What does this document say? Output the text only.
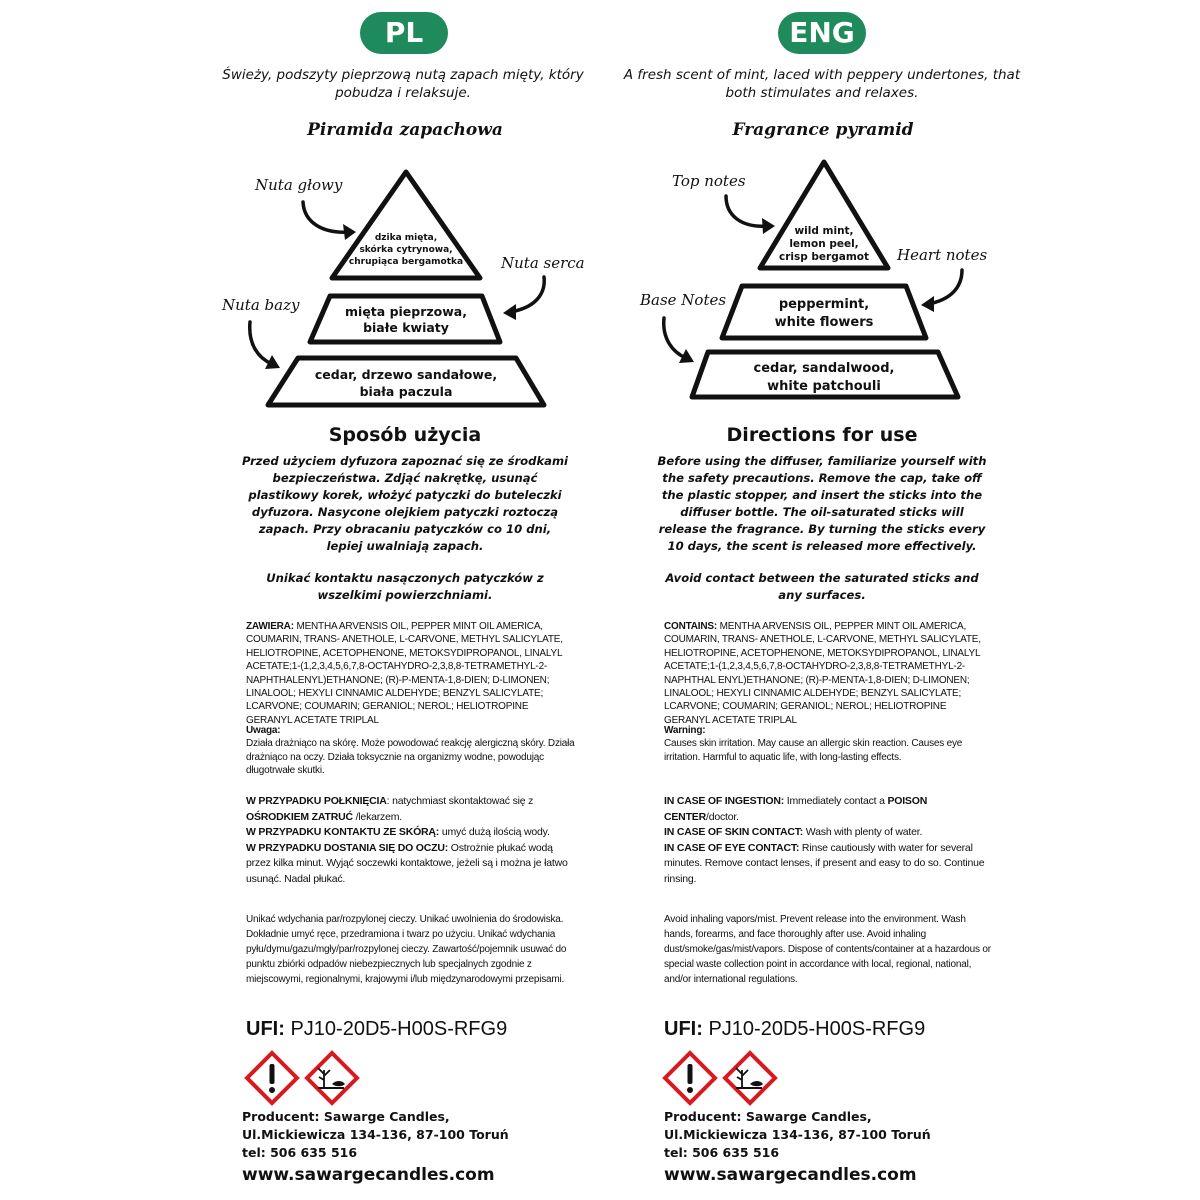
PL
Świeży, podszyty pieprzową nutą zapach mięty, który pobudza i relaksuje.
Piramida zapachowa
dzika mięta,
skórka cytrynowa,
chrupiąca bergamotka
mięta pieprzowa,
białe kwiaty
cedar, drzewo sandałowe,
biała paczula
Nuta głowy
Nuta serca
Nuta bazy
Sposób użycia
Przed użyciem dyfuzora zapoznać się ze środkami bezpieczeństwa. Zdjąć nakrętkę, usunąć plastikowy korek, włożyć patyczki do buteleczki dyfuzora. Nasycone olejkiem patyczki roztoczą zapach. Przy obracaniu patyczków co 10 dni, lepiej uwalniają zapach.
Unikać kontaktu nasączonych patyczków z wszelkimi powierzchniami.
ZAWIERA: MENTHA ARVENSIS OIL, PEPPER MINT OIL AMERICA, COUMARIN, TRANS- ANETHOLE, L-CARVONE, METHYL SALICYLATE, HELIOTROPINE, ACETOPHENONE, METOKSYDIPROPANOL, LINALYL ACETATE;1-(1,2,3,4,5,6,7,8-OCTAHYDRO-2,3,8,8-TETRAMETHYL-2-NAPHTHALENYL)ETHANONE; (R)-P-MENTA-1,8-DIEN; D-LIMONEN; LINALOOL; HEXYLI CINNAMIC ALDEHYDE; BENZYL SALICYLATE; LCARVONE; COUMARIN; GERANIOL; NEROL; HELIOTROPINE GERANYL ACETATE TRIPLAL
Uwaga:
Działa drażniąco na skórę. Może powodować reakcję alergiczną skóry. Działa drażniąco na oczy. Działa toksycznie na organizmy wodne, powodując długotrwałe skutki.
W PRZYPADKU POŁKNIĘCIA: natychmiast skontaktować się z OŚRODKIEM ZATRUĆ /lekarzem.
W PRZYPADKU KONTAKTU ZE SKÓRĄ: umyć dużą ilością wody.
W PRZYPADKU DOSTANIA SIĘ DO OCZU: Ostrożnie płukać wodą przez kilka minut. Wyjąć soczewki kontaktowe, jeżeli są i można je łatwo usunąć. Nadal płukać.
Unikać wdychania par/rozpylonej cieczy. Unikać uwolnienia do środowiska. Dokładnie umyć ręce, przedramiona i twarz po użyciu. Unikać wdychania pyłu/dymu/gazu/mgły/par/rozpylonej cieczy. Zawartość/pojemnik usuwać do punktu zbiórki odpadów niebezpiecznych lub specjalnych zgodnie z miejscowymi, regionalnymi, krajowymi i/lub międzynarodowymi przepisami.
UFI: PJ10-20D5-H00S-RFG9
Producent: Sawarge Candles,
Ul.Mickiewicza 134-136, 87-100 Toruń
tel: 506 635 516
www.sawargecandles.com
ENG
A fresh scent of mint, laced with peppery undertones, that both stimulates and relaxes.
Fragrance pyramid
wild mint,
lemon peel,
crisp bergamot
peppermint,
white flowers
cedar, sandalwood,
white patchouli
Top notes
Heart notes
Base Notes
Directions for use
Before using the diffuser, familiarize yourself with the safety precautions. Remove the cap, take off the plastic stopper, and insert the sticks into the diffuser bottle. The oil-saturated sticks will release the fragrance. By turning the sticks every 10 days, the scent is released more effectively.
Avoid contact between the saturated sticks and any surfaces.
CONTAINS: MENTHA ARVENSIS OIL, PEPPER MINT OIL AMERICA, COUMARIN, TRANS- ANETHOLE, L-CARVONE, METHYL SALICYLATE, HELIOTROPINE, ACETOPHENONE, METOKSYDIPROPANOL, LINALYL ACETATE;1-(1,2,3,4,5,6,7,8-OCTAHYDRO-2,3,8,8-TETRAMETHYL-2-NAPHTHAL ENYL)ETHANONE; (R)-P-MENTA-1,8-DIEN; D-LIMONEN; LINALOOL; HEXYLI CINNAMIC ALDEHYDE; BENZYL SALICYLATE; LCARVONE; COUMARIN; GERANIOL; NEROL; HELIOTROPINE GERANYL ACETATE TRIPLAL
Warning:
Causes skin irritation. May cause an allergic skin reaction. Causes eye irritation. Harmful to aquatic life, with long-lasting effects.
IN CASE OF INGESTION: Immediately contact a POISON CENTER/doctor.
IN CASE OF SKIN CONTACT: Wash with plenty of water.
IN CASE OF EYE CONTACT: Rinse cautiously with water for several minutes. Remove contact lenses, if present and easy to do so. Continue rinsing.
Avoid inhaling vapors/mist. Prevent release into the environment. Wash hands, forearms, and face thoroughly after use. Avoid inhaling dust/smoke/gas/mist/vapors. Dispose of contents/container at a hazardous or special waste collection point in accordance with local, regional, national, and/or international regulations.
UFI: PJ10-20D5-H00S-RFG9
Producent: Sawarge Candles,
Ul.Mickiewicza 134-136, 87-100 Toruń
tel: 506 635 516
www.sawargecandles.com
